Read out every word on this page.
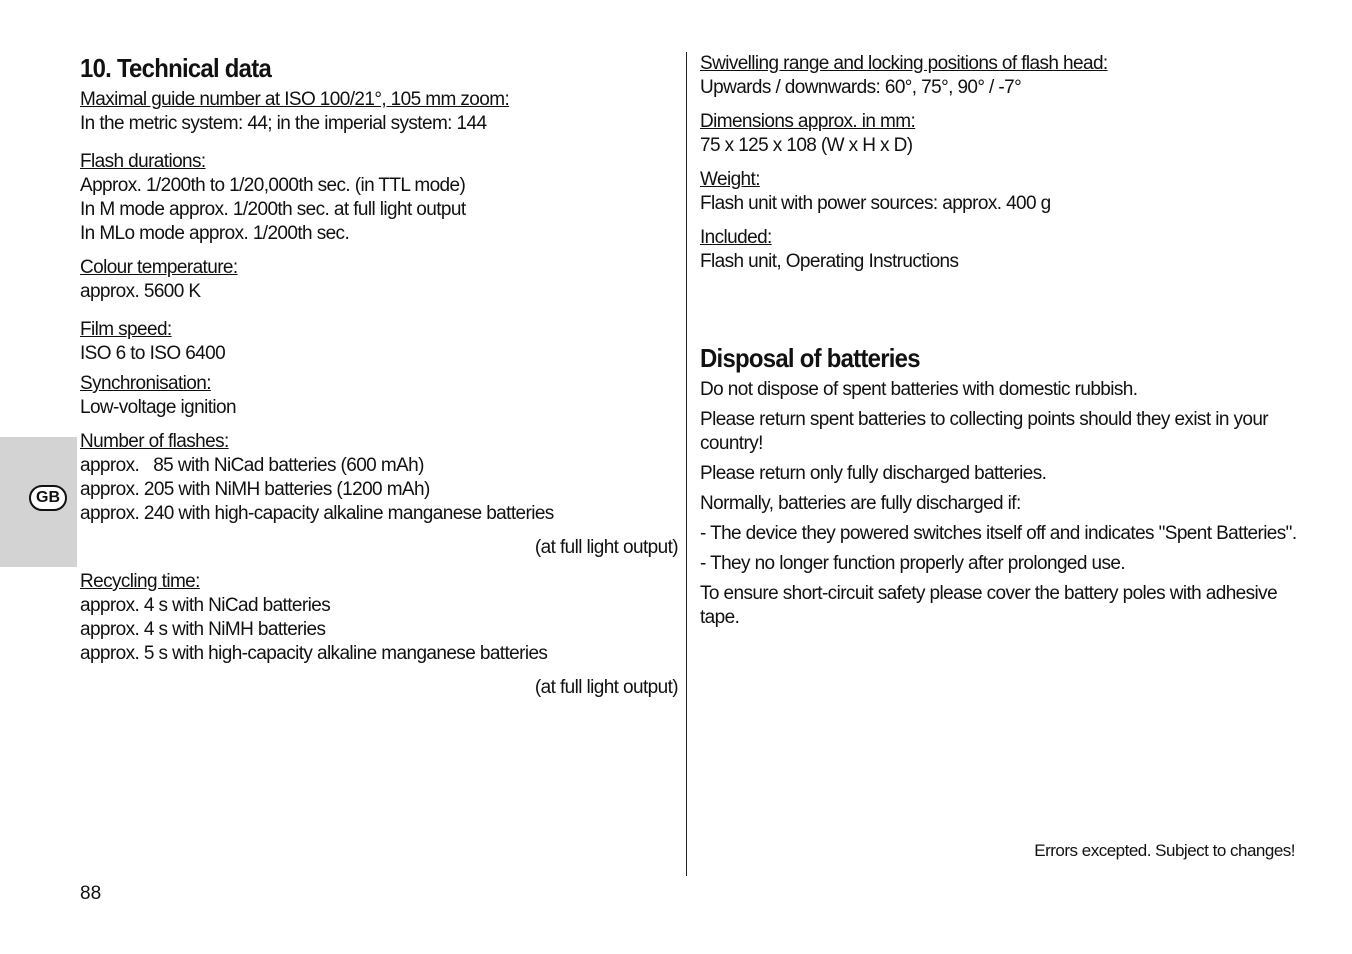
GB
10. Technical data
Maximal guide number at ISO 100/21°, 105 mm zoom:
In the metric system: 44; in the imperial system: 144
Flash durations:
Approx. 1/200th to 1/20,000th sec. (in TTL mode)
In M mode approx. 1/200th sec. at full light output
In MLo mode approx. 1/200th sec.
Colour temperature:
approx. 5600 K
Film speed:
ISO 6 to ISO 6400
Synchronisation:
Low-voltage ignition
Number of flashes:
approx.   85 with NiCad batteries (600 mAh)
approx. 205 with NiMH batteries (1200 mAh)
approx. 240 with high-capacity alkaline manganese batteries
(at full light output)
Recycling time:
approx. 4 s with NiCad batteries
approx. 4 s with NiMH batteries
approx. 5 s with high-capacity alkaline manganese batteries
(at full light output)
Swivelling range and locking positions of flash head:
Upwards / downwards: 60°, 75°, 90° / -7°
Dimensions approx. in mm:
75 x 125 x 108 (W x H x D)
Weight:
Flash unit with power sources: approx. 400 g
Included:
Flash unit, Operating Instructions
Disposal of batteries
Do not dispose of spent batteries with domestic rubbish.
Please return spent batteries to collecting points should they exist in your country!
Please return only fully discharged batteries.
Normally, batteries are fully discharged if:
- The device they powered switches itself off and indicates "Spent Batteries".
- They no longer function properly after prolonged use.
To ensure short-circuit safety please cover the battery poles with adhesive tape.
Errors excepted. Subject to changes!
88
